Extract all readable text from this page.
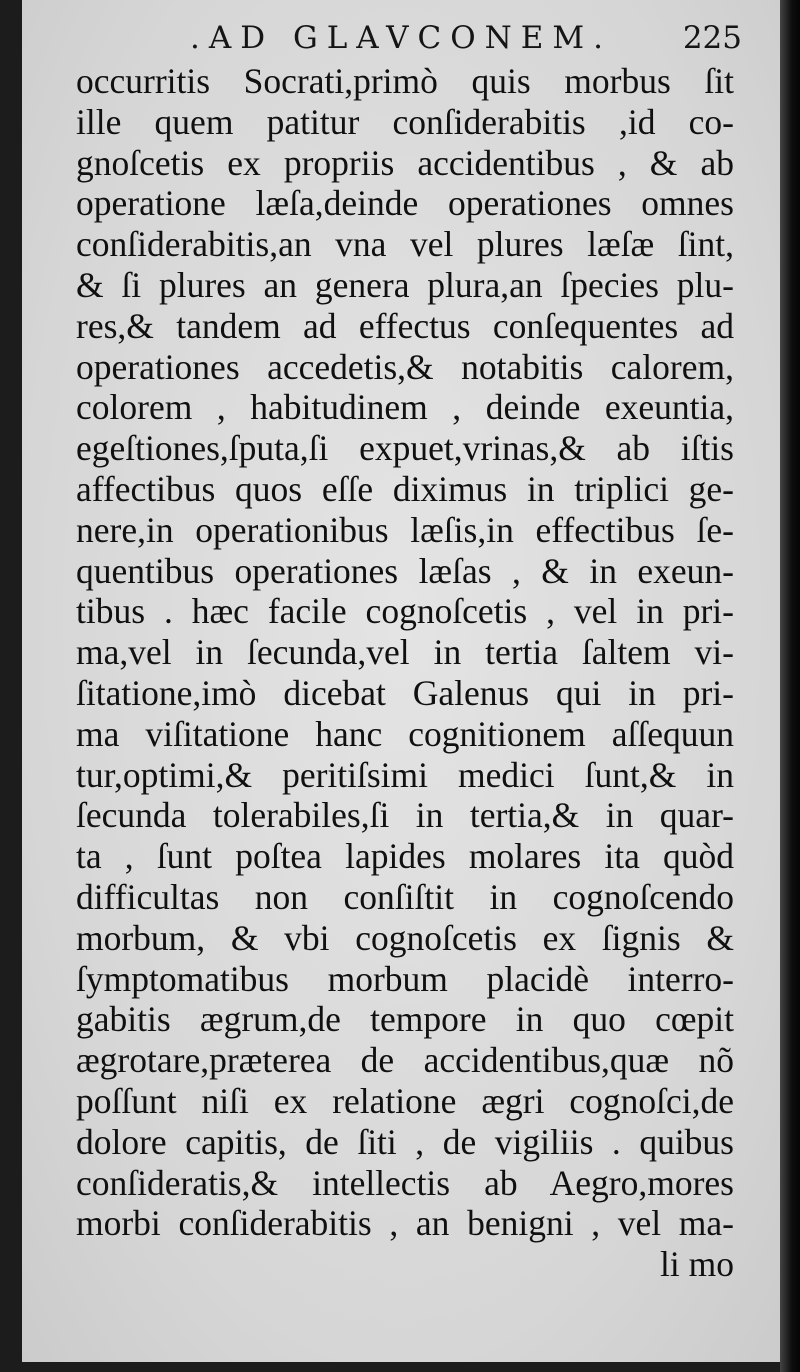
.AD GLAVCONEM. 225
occurritis Socrati,primò quis morbus ſit
ille quem patitur conſiderabitis ,id co-
gnoſcetis ex propriis accidentibus , & ab
operatione læſa,deinde operationes omnes
conſiderabitis,an vna vel plures læſæ ſint,
& ſi plures an genera plura,an ſpecies plu-
res,& tandem ad effectus conſequentes ad
operationes accedetis,& notabitis calorem,
colorem , habitudinem , deinde exeuntia,
egeſtiones,ſputa,ſi expuet,vrinas,& ab iſtis
affectibus quos eſſe diximus in triplici ge-
nere,in operationibus læſis,in effectibus ſe-
quentibus operationes læſas , & in exeun-
tibus . hæc facile cognoſcetis , vel in pri-
ma,vel in ſecunda,vel in tertia ſaltem vi-
ſitatione,imò dicebat Galenus qui in pri-
ma viſitatione hanc cognitionem aſſequun
tur,optimi,& peritiſsimi medici ſunt,& in
ſecunda tolerabiles,ſi in tertia,& in quar-
ta , ſunt poſtea lapides molares ita quòd
difficultas non conſiſtit in cognoſcendo
morbum, & vbi cognoſcetis ex ſignis &
ſymptomatibus morbum placidè interro-
gabitis ægrum,de tempore in quo cœpit
ægrotare,præterea de accidentibus,quæ nõ
poſſunt niſi ex relatione ægri cognoſci,de
dolore capitis, de ſiti , de vigiliis . quibus
conſideratis,& intellectis ab Aegro,mores
morbi conſiderabitis , an benigni , vel ma-
li mo
